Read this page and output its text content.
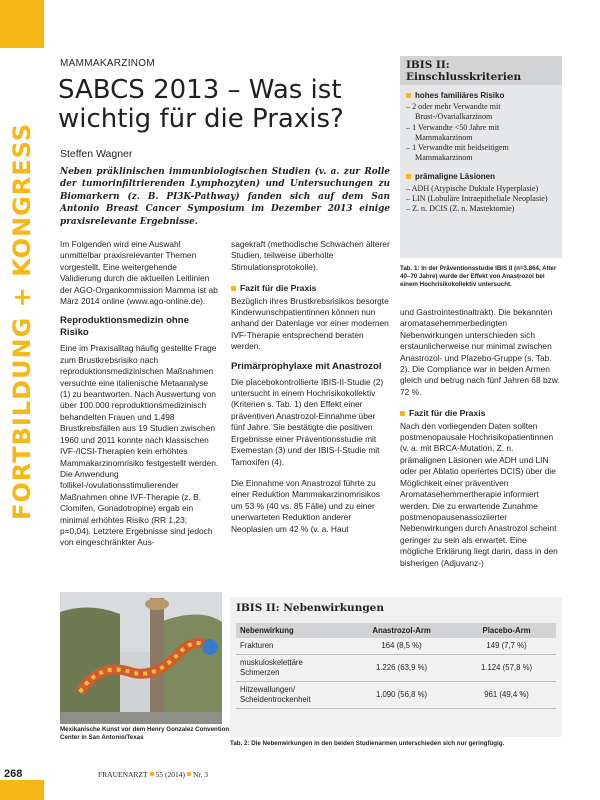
FORTBILDUNG + KONGRESS
268
MAMMAKARZINOM
SABCS 2013 – Was ist wichtig für die Praxis?
Steffen Wagner
Neben präklinischen immunbiologischen Studien (v. a. zur Rolle der tumorinfiltrierenden Lymphozyten) und Untersuchungen zu Biomarkern (z. B. PI3K-Pathway) fanden sich auf dem San Antonio Breast Cancer Symposium im Dezember 2013 einige praxisrelevante Ergebnisse.

Im Folgenden wird eine Auswahl unmittelbar praxisrelevanter Themen vorgestellt. Eine weitergehende Validierung durch die aktuellen Leitlinien der AGO-Organkommission Mamma ist ab März 2014 online (www.ago-online.de).

Reproduktionsmedizin ohne Risiko

Eine im Praxisalltag häufig gestellte Frage zum Brustkrebsrisiko nach reproduktionsmedizinischen Maßnahmen versuchte eine italienische Metaanalyse (1) zu beantworten. Nach Auswertung von über 100.000 reproduktionsmedizinisch behandelten Frauen und 1.498 Brustkrebsfällen aus 19 Studien zwischen 1960 und 2011 konnte nach klassischen IVF-/ICSI-Therapien kein erhöhtes Mammakarzinomrisiko festgestellt werden. Die Anwendung follikel-/ovulationsstimulierender Maßnahmen ohne IVF-Therapie (z. B. Clomifen, Gonadotropine) ergab ein minimal erhöhtes Risiko (RR 1,23; p=0,04). Letztere Ergebnisse sind jedoch von eingeschränkter Aus-

Mexikanische Kunst vor dem Henry Gonzalez Convention Center in San Antonio/Texas

sagekraft (methodische Schwächen älterer Studien, teilweise überholte Stimulationsprotokolle).

Fazit für die Praxis

Bezüglich ihres Brustkrebsrisikos besorgte Kinderwunschpatientinnen können nun anhand der Datenlage vor einer modernen IVF-Therapie entsprechend beraten werden.

Primärprophylaxe mit Anastrozol

Die placebokontrollierte IBIS-II-Studie (2) untersucht in einem Hochrisikokollektiv (Kriterien s. Tab. 1) den Effekt einer präventiven Anastrozol-Einnahme über fünf Jahre. Sie bestätigte die positiven Ergebnisse einer Präventionsstudie mit Exemestan (3) und der IBIS-I-Studie mit Tamoxifen (4).

Die Einnahme von Anastrozol führte zu einer Reduktion Mammakarzinomrisikos um 53 % (40 vs. 85 Fälle) und zu einer unerwarteten Reduktion anderer Neoplasien um 42 % (v. a. Haut

IBIS II: Einschlusskriterien
hohes familiäres Risiko
– 2 oder mehr Verwandte mit Brust-/Ovarialkarzinom
– 1 Verwandte <50 Jahre mit Mammakarzinom
– 1 Verwandte mit beidseitigem Mammakarzinom
prämaligne Läsionen
– ADH (Atypische Duktale Hyperplasie)
– LIN (Lobuläre Intraepitheliale Neoplasie)
– Z. n. DCIS (Z. n. Mastektomie)
Tab. 1: In der Präventionsstudie IBIS II (n=3.864, Alter 40–70 Jahre) wurde der Effekt von Anastrozol bei einem Hochrisikokollektiv untersucht.

und Gastrointestinaltrakt). Die bekannten aromatasehemmerbedingten Nebenwirkungen unterschieden sich erstaunlicherweise nur minimal zwischen Anastrozol- und Plazebo-Gruppe (s. Tab. 2). Die Compliance war in beiden Armen gleich und betrug nach fünf Jahren 68 bzw. 72 %.

Fazit für die Praxis

Nach den vorliegenden Daten sollten postmenopausale Hochrisikopatientinnen (v. a. mit BRCA-Mutation, Z. n. prämalignen Läsionen wie ADH und LIN oder per Ablatio operiertes DCIS) über die Möglichkeit einer präventiven Aromatasehemmertherapie informiert werden. Die zu erwartende Zunahme postmenopausenassoziierter Nebenwirkungen durch Anastrozol scheint geringer zu sein als erwartet. Eine mögliche Erklärung liegt darin, dass in den bisherigen (Adjuvanz-)

IBIS II: Nebenwirkungen
Nebenwirkung	Anastrozol-Arm	Placebo-Arm
Frakturen	164 (8,5 %)	149 (7,7 %)
muskuloskelettäre Schmerzen	1.226 (63,9 %)	1.124 (57,8 %)
Hitzewallungen/ Scheidentrockenheit	1.090 (56,8 %)	961 (49,4 %)
Tab. 2: Die Nebenwirkungen in den beiden Studienarmen unterschieden sich nur geringfügig.
FRAUENARZT 55 (2014) Nr. 3
